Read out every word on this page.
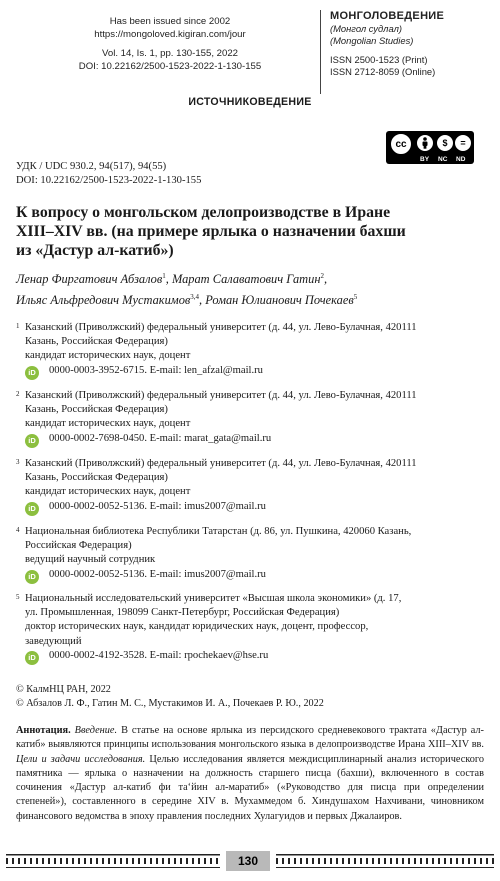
Has been issued since 2002
https://mongoloved.kigiran.com/jour
Vol. 14, Is. 1, pp. 130-155, 2022
DOI: 10.22162/2500-1523-2022-1-130-155
МОНГОЛОВЕДЕНИЕ
(Монгол судлал)
(Mongolian Studies)
ISSN 2500-1523 (Print)
ISSN 2712-8059 (Online)
ИСТОЧНИКОВЕДЕНИЕ
cc	$	=
BY NC ND
УДК / UDC 930.2, 94(517), 94(55)
DOI: 10.22162/2500-1523-2022-1-130-155
К вопросу о монгольском делопроизводстве в Иране
XIII–XIV вв. (на примере ярлыка о назначении бахши
из «Дастур ал-катиб»)
Ленар Фиргатович Абзалов$^1$, Марат Салаватович Гатин$^2$,
Ильяс Альфредович Мустакимов$^{3,4}$, Роман Юлианович Почекаев$^5$
1 Казанский (Приволжский) федеральный университет (д. 44, ул. Лево-Булачная, 420111
Казань, Российская Федерация)
кандидат исторических наук, доцент
iD 0000-0003-3952-6715. E-mail: len_afzal@mail.ru
2 Казанский (Приволжский) федеральный университет (д. 44, ул. Лево-Булачная, 420111
Казань, Российская Федерация)
кандидат исторических наук, доцент
iD 0000-0002-7698-0450. E-mail: marat_gata@mail.ru
3 Казанский (Приволжский) федеральный университет (д. 44, ул. Лево-Булачная, 420111
Казань, Российская Федерация)
кандидат исторических наук, доцент
iD 0000-0002-0052-5136. E-mail: imus2007@mail.ru
4 Национальная библиотека Республики Татарстан (д. 86, ул. Пушкина, 420060 Казань,
Российская Федерация)
ведущий научный сотрудник
iD 0000-0002-0052-5136. E-mail: imus2007@mail.ru
5 Национальный исследовательский университет «Высшая школа экономики» (д. 17,
ул. Промышленная, 198099 Санкт-Петербург, Российская Федерация)
доктор исторических наук, кандидат юридических наук, доцент, профессор,
заведующий
iD 0000-0002-4192-3528. E-mail: rpochekaev@hse.ru
© КалмНЦ РАН, 2022
© Абзалов Л. Ф., Гатин М. С., Мустакимов И. А., Почекаев Р. Ю., 2022
Аннотация. Введение. В статье на основе ярлыка из персидского средневекового трактата «Дастур ал-катиб» выявляются принципы использования монгольского языка в делопроизводстве Ирана XIII–XIV вв. Цели и задачи исследования. Целью исследования является междисциплинарный анализ исторического памятника — ярлыка о назначении на должность старшего писца (бахши), включенного в состав сочинения «Дастур ал-катиб фи та‘йин ал-маратиб» («Руководство для писца при определении степеней»), составленного в середине XIV в. Мухаммедом б. Хиндушахом Нахчивани, чиновником финансового ведомства в эпоху правления последних Хулагуидов и первых Джалаиров.
130
